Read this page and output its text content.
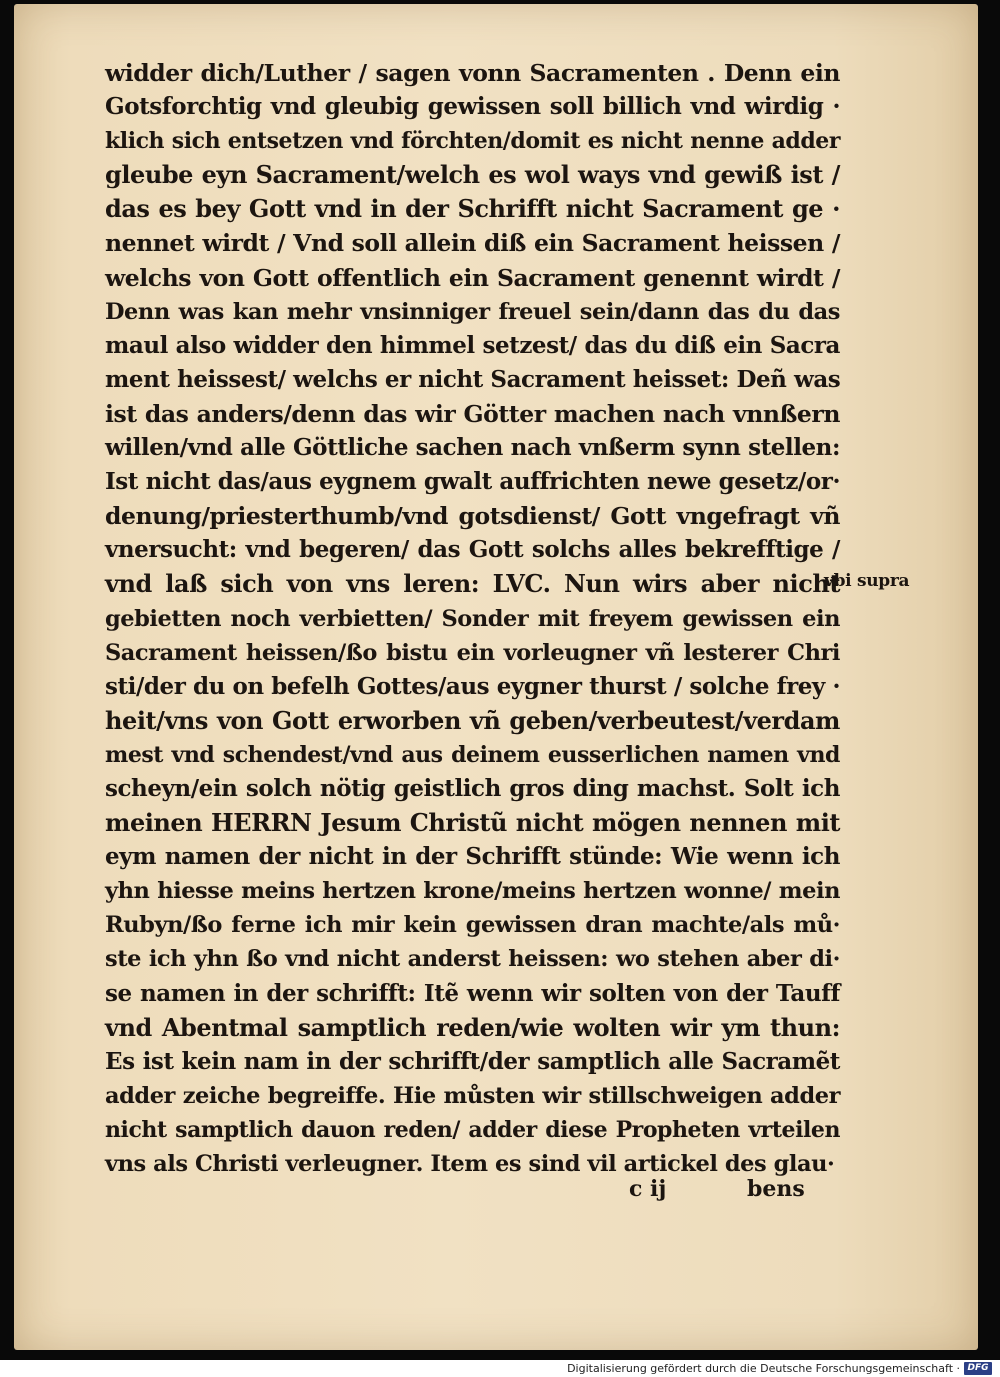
widder dich/Luther / sagen vonn Sacramenten . Denn ein
Gotsforchtig vnd gleubig gewissen soll billich vnd wirdig ·
klich sich entsetzen vnd förchten/domit es nicht nenne adder
gleube eyn Sacrament/welch es wol ways vnd gewiß ist /
das es bey Gott vnd in der Schrifft nicht Sacrament ge ·
nennet wirdt / Vnd soll allein diß ein Sacrament heissen /
welchs von Gott offentlich ein Sacrament genennt wirdt /
Denn was kan mehr vnsinniger freuel sein/dann das du das
maul also widder den himmel setzest/ das du diß ein Sacra
ment heissest/ welchs er nicht Sacrament heisset: Deñ was
ist das anders/denn das wir Götter machen nach vnnßern
willen/vnd alle Göttliche sachen nach vnßerm synn stellen:
Ist nicht das/aus eygnem gwalt auffrichten newe gesetz/or·
denung/priesterthumb/vnd gotsdienst/ Gott vngefragt vñ
vnersucht: vnd begeren/ das Gott solchs alles bekrefftige /
vnd laß sich von vns leren: LVC. Nun wirs aber nicht
gebietten noch verbietten/ Sonder mit freyem gewissen ein
Sacrament heissen/ßo bistu ein vorleugner vñ lesterer Chri
sti/der du on befelh Gottes/aus eygner thurst / solche frey ·
heit/vns von Gott erworben vñ geben/verbeutest/verdam
mest vnd schendest/vnd aus deinem eusserlichen namen vnd
scheyn/ein solch nötig geistlich gros ding machst. Solt ich
meinen HERRN Jesum Christũ nicht mögen nennen mit
eym namen der nicht in der Schrifft stünde: Wie wenn ich
yhn hiesse meins hertzen krone/meins hertzen wonne/ mein
Rubyn/ßo ferne ich mir kein gewissen dran machte/als mů·
ste ich yhn ßo vnd nicht anderst heissen: wo stehen aber di·
se namen in der schrifft: Itẽ wenn wir solten von der Tauff
vnd Abentmal samptlich reden/wie wolten wir ym thun:
Es ist kein nam in der schrifft/der samptlich alle Sacramẽt
adder zeiche begreiffe. Hie můsten wir stillschweigen adder
nicht samptlich dauon reden/ adder diese Propheten vrteilen
vns als Christi verleugner. Item es sind vil artickel des glau·
vbi supra
c ij	bens
Digitalisierung gefördert durch die Deutsche Forschungsgemeinschaft · DFG
